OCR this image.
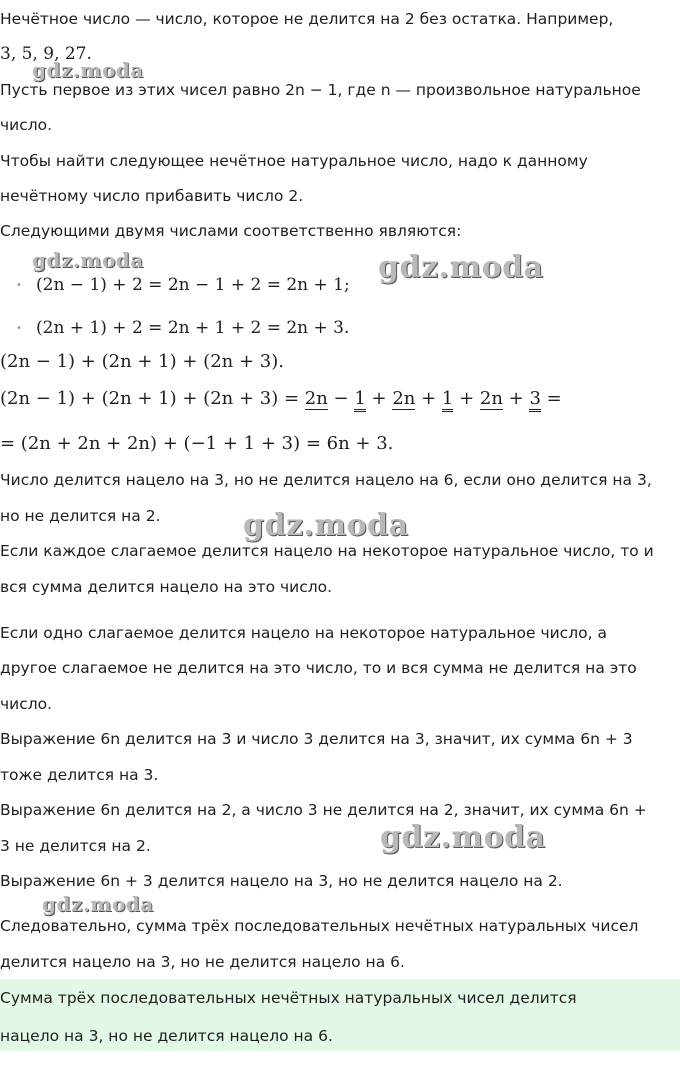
Нечётное число — число, которое не делится на 2 без остатка. Например,
3, 5, 9, 27.
Пусть первое из этих чисел равно 2n − 1, где n — произвольное натуральное
число.
Чтобы найти следующее нечётное натуральное число, надо к данному
нечётному число прибавить число 2.
Следующими двумя числами соответственно являются:
• (2n − 1) + 2 = 2n − 1 + 2 = 2n + 1;
• (2n + 1) + 2 = 2n + 1 + 2 = 2n + 3.
(2n − 1) + (2n + 1) + (2n + 3).
(2n − 1) + (2n + 1) + (2n + 3) = 2n − 1 + 2n + 1 + 2n + 3 =
= (2n + 2n + 2n) + (−1 + 1 + 3) = 6n + 3.
Число делится нацело на 3, но не делится нацело на 6, если оно делится на 3,
но не делится на 2.
Если каждое слагаемое делится нацело на некоторое натуральное число, то и
вся сумма делится нацело на это число.
Если одно слагаемое делится нацело на некоторое натуральное число, а
другое слагаемое не делится на это число, то и вся сумма не делится на это
число.
Выражение 6n делится на 3 и число 3 делится на 3, значит, их сумма 6n + 3
тоже делится на 3.
Выражение 6n делится на 2, а число 3 не делится на 2, значит, их сумма 6n +
3 не делится на 2.
Выражение 6n + 3 делится нацело на 3, но не делится нацело на 2.
Следовательно, сумма трёх последовательных нечётных натуральных чисел
делится нацело на 3, но не делится нацело на 6.
Сумма трёх последовательных нечётных натуральных чисел делится
нацело на 3, но не делится нацело на 6.
gdz.moda
gdz.moda	gdz.moda
gdz.moda
gdz.moda
gdz.moda
